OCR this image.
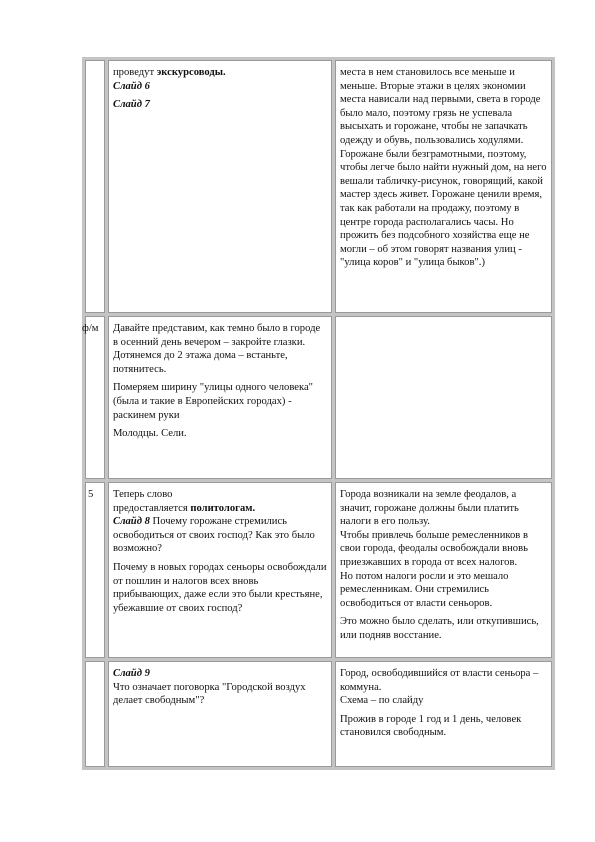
проведут экскурсоводы.

Слайд 6

Слайд 7

места в нем становилось все меньше и меньше. Вторые этажи в целях экономии места нависали над первыми, света в городе было мало, поэтому грязь не успевала высыхать и горожане, чтобы не запачкать одежду и обувь, пользовались ходулями. Горожане были безграмотными, поэтому, чтобы легче было найти нужный дом, на него вешали табличку-рисунок, говорящий, какой мастер здесь живет. Горожане ценили время, так как работали на продажу, поэтому в центре города располагались часы. Но прожить без подсобного хозяйства еще не могли – об этом говорят названия улиц - "улица коров" и "улица быков".)

ф/м	Давайте представим, как темно было в городе в осенний день вечером – закройте глазки.

Дотянемся до 2 этажа дома – встаньте, потянитесь.

Померяем ширину "улицы одного человека" (была и такие в Европейских городах) - раскинем руки

Молодцы. Сели.

5	Теперь слово

предоставляется политологам.

Слайд 8 Почему горожане стремились освободиться от своих господ? Как это было возможно?

Почему в новых городах сеньоры освобождали от пошлин и налогов всех вновь прибывающих, даже если это были крестьяне, убежавшие от своих господ?

Города возникали на земле феодалов, а значит, горожане должны были платить налоги в его пользу.

Чтобы привлечь больше ремесленников в свои города, феодалы освобождали вновь приезжавших в города от всех налогов.

Но потом налоги росли и это мешало ремесленникам. Они стремились освободиться от власти сеньоров.

Это можно было сделать, или откупившись, или подняв восстание.

Слайд 9

Что означает поговорка "Городской воздух делает свободным"?

Город, освободившийся от власти сеньора – коммуна.

Схема – по слайду

Прожив в городе 1 год и 1 день, человек становился свободным.
